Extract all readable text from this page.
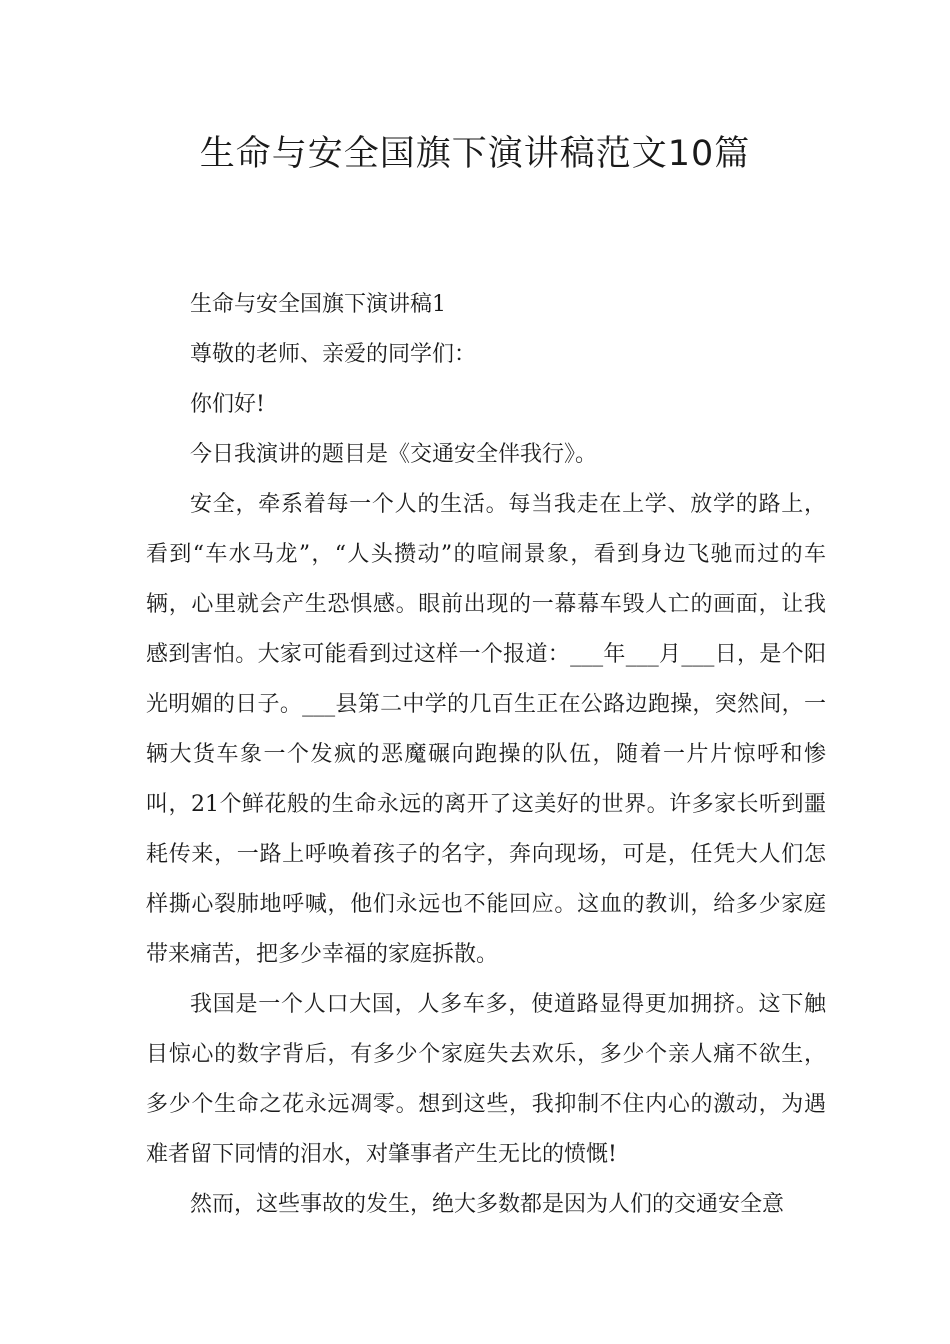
生命与安全国旗下演讲稿范文10篇

生命与安全国旗下演讲稿1

尊敬的老师、亲爱的同学们：

你们好!

今日我演讲的题目是《交通安全伴我行》。

安全，牵系着每一个人的生活。每当我走在上学、放学的路上，看到“车水马龙”，“人头攒动”的喧闹景象，看到身边飞驰而过的车辆，心里就会产生恐惧感。眼前出现的一幕幕车毁人亡的画面，让我感到害怕。大家可能看到过这样一个报道：___年___月___日，是个阳光明媚的日子。___县第二中学的几百生正在公路边跑操，突然间，一辆大货车象一个发疯的恶魔碾向跑操的队伍，随着一片片惊呼和惨叫，21个鲜花般的生命永远的离开了这美好的世界。许多家长听到噩耗传来，一路上呼唤着孩子的名字，奔向现场，可是，任凭大人们怎样撕心裂肺地呼喊，他们永远也不能回应。这血的教训，给多少家庭带来痛苦，把多少幸福的家庭拆散。

我国是一个人口大国，人多车多，使道路显得更加拥挤。这下触目惊心的数字背后，有多少个家庭失去欢乐，多少个亲人痛不欲生，多少个生命之花永远凋零。想到这些，我抑制不住内心的激动，为遇难者留下同情的泪水，对肇事者产生无比的愤慨!

然而，这些事故的发生，绝大多数都是因为人们的交通安全意
